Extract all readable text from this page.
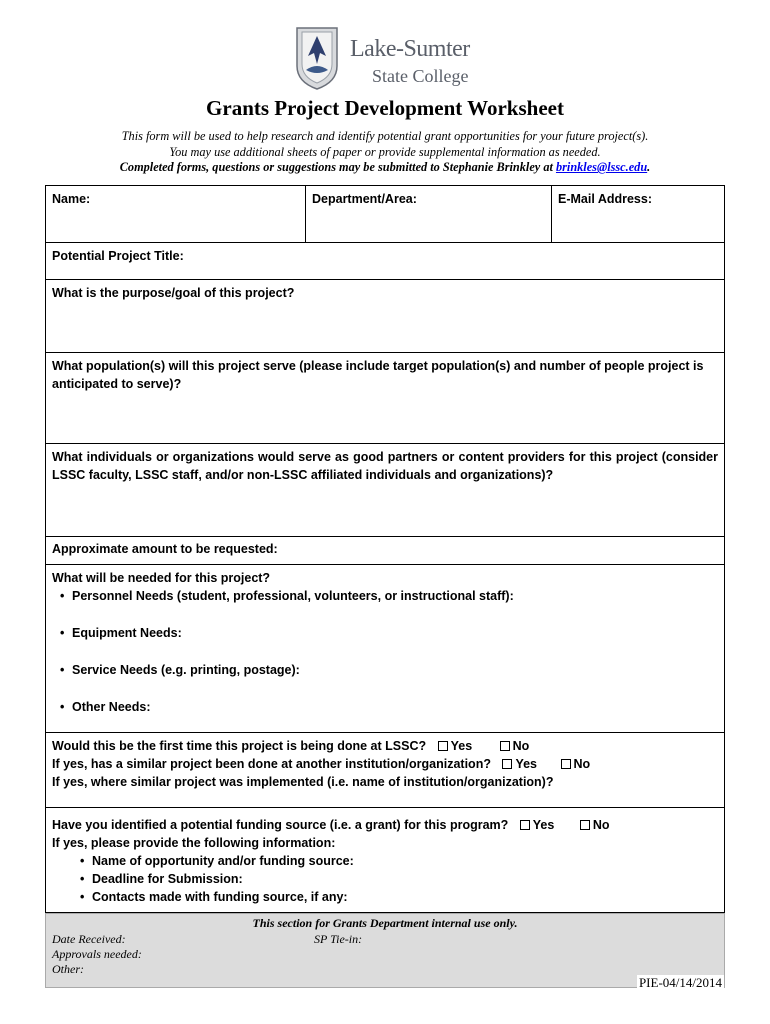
Lake-Sumter
State College
Grants Project Development Worksheet
This form will be used to help research and identify potential grant opportunities for your future project(s).
You may use additional sheets of paper or provide supplemental information as needed.
Completed forms, questions or suggestions may be submitted to Stephanie Brinkley at brinkles@lssc.edu.
Name:	Department/Area:	E-Mail Address:
Potential Project Title:
What is the purpose/goal of this project?
What population(s) will this project serve (please include target population(s) and number of people project is anticipated to serve)?
What individuals or organizations would serve as good partners or content providers for this project (consider LSSC faculty, LSSC staff, and/or non-LSSC affiliated individuals and organizations)?
Approximate amount to be requested:
What will be needed for this project?
• Personnel Needs (student, professional, volunteers, or instructional staff):
• Equipment Needs:
• Service Needs (e.g. printing, postage):
• Other Needs:
Would this be the first time this project is being done at LSSC? Yes	No
If yes, has a similar project been done at another institution/organization? Yes	No
If yes, where similar project was implemented (i.e. name of institution/organization)?
Have you identified a potential funding source (i.e. a grant) for this program? Yes	No
If yes, please provide the following information:
• Name of opportunity and/or funding source:
• Deadline for Submission:
• Contacts made with funding source, if any:
This section for Grants Department internal use only.
Date Received:	SP Tie-in:
Approvals needed:
Other:
PIE-04/14/2014
